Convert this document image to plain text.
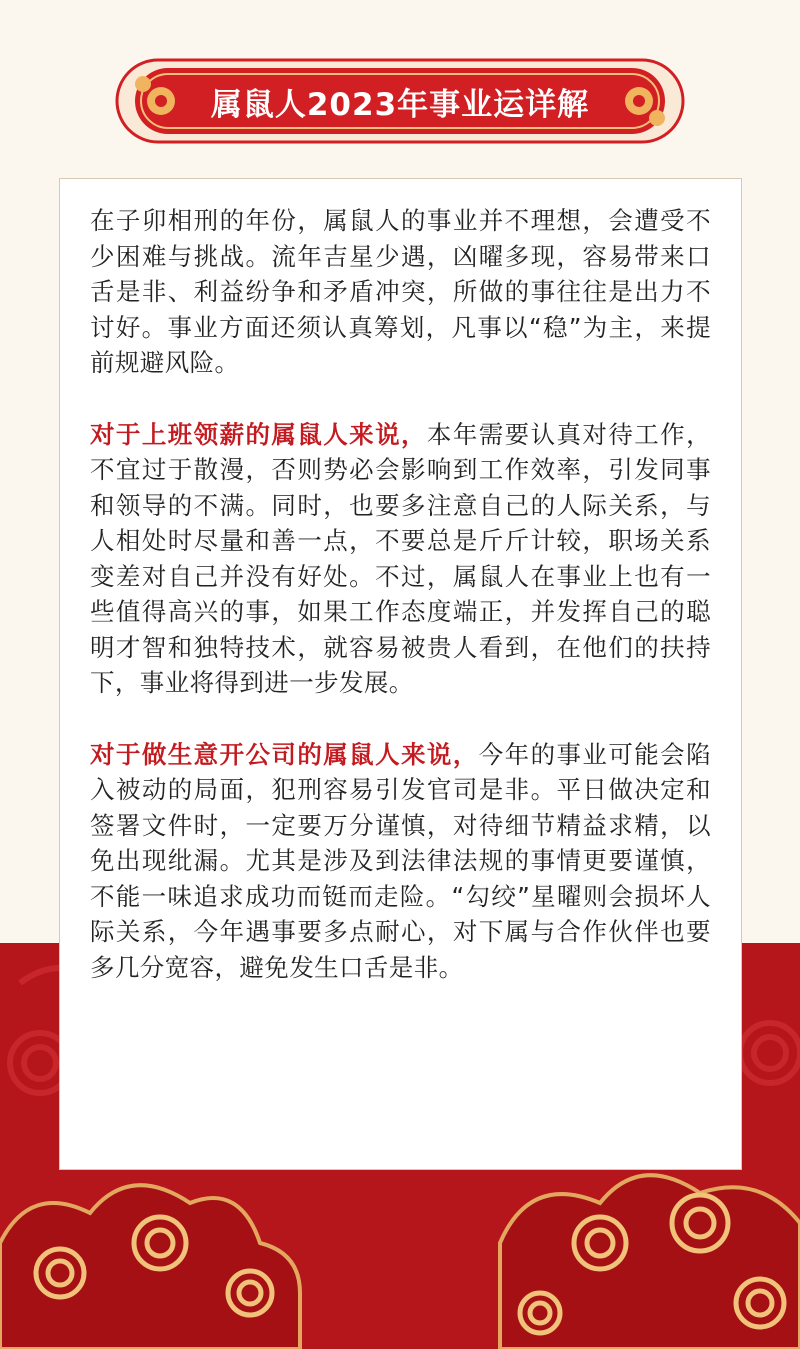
属鼠人2023年事业运详解

在子卯相刑的年份，属鼠人的事业并不理想，会遭受不少困难与挑战。流年吉星少遇，凶曜多现，容易带来口舌是非、利益纷争和矛盾冲突，所做的事往往是出力不讨好。事业方面还须认真筹划，凡事以“稳”为主，来提前规避风险。

对于上班领薪的属鼠人来说，本年需要认真对待工作，不宜过于散漫，否则势必会影响到工作效率，引发同事和领导的不满。同时，也要多注意自己的人际关系，与人相处时尽量和善一点，不要总是斤斤计较，职场关系变差对自己并没有好处。不过，属鼠人在事业上也有一些值得高兴的事，如果工作态度端正，并发挥自己的聪明才智和独特技术，就容易被贵人看到，在他们的扶持下，事业将得到进一步发展。

对于做生意开公司的属鼠人来说，今年的事业可能会陷入被动的局面，犯刑容易引发官司是非。平日做决定和签署文件时，一定要万分谨慎，对待细节精益求精，以免出现纰漏。尤其是涉及到法律法规的事情更要谨慎，不能一味追求成功而铤而走险。“勾绞”星曜则会损坏人际关系，今年遇事要多点耐心，对下属与合作伙伴也要多几分宽容，避免发生口舌是非。
